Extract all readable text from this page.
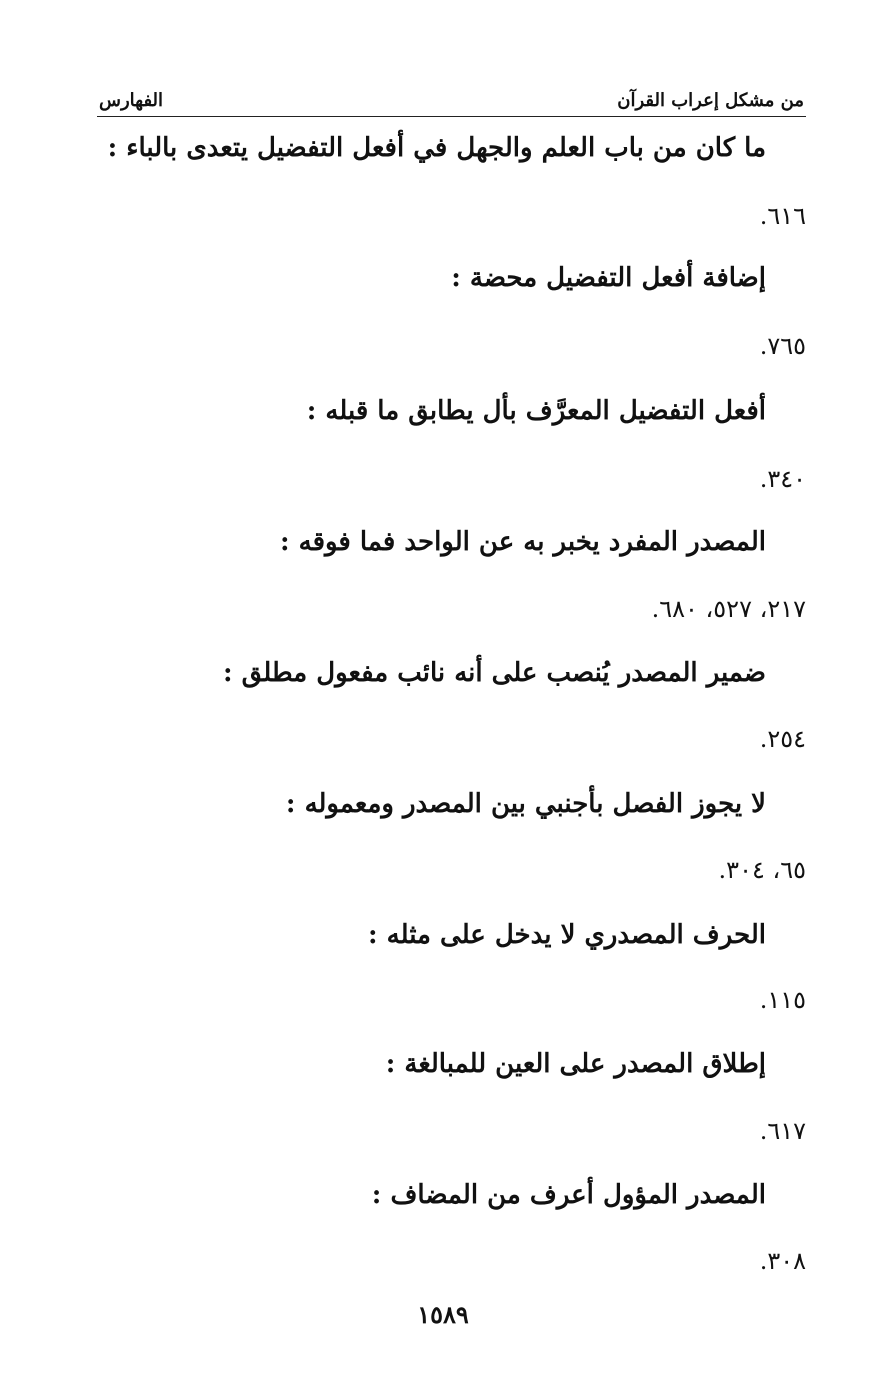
من مشكل إعراب القرآن
الفهارس
ما كان من باب العلم والجهل في أفعل التفضيل يتعدى بالباء :
٦١٦.
إضافة أفعل التفضيل محضة :
٧٦٥.
أفعل التفضيل المعرَّف بأل يطابق ما قبله :
٣٤٠.
المصدر المفرد يخبر به عن الواحد فما فوقه :
٢١٧، ٥٢٧، ٦٨٠.
ضمير المصدر يُنصب على أنه نائب مفعول مطلق :
٢٥٤.
لا يجوز الفصل بأجنبي بين المصدر ومعموله :
٦٥، ٣٠٤.
الحرف المصدري لا يدخل على مثله :
١١٥.
إطلاق المصدر على العين للمبالغة :
٦١٧.
المصدر المؤول أعرف من المضاف :
٣٠٨.
١٥٨٩
